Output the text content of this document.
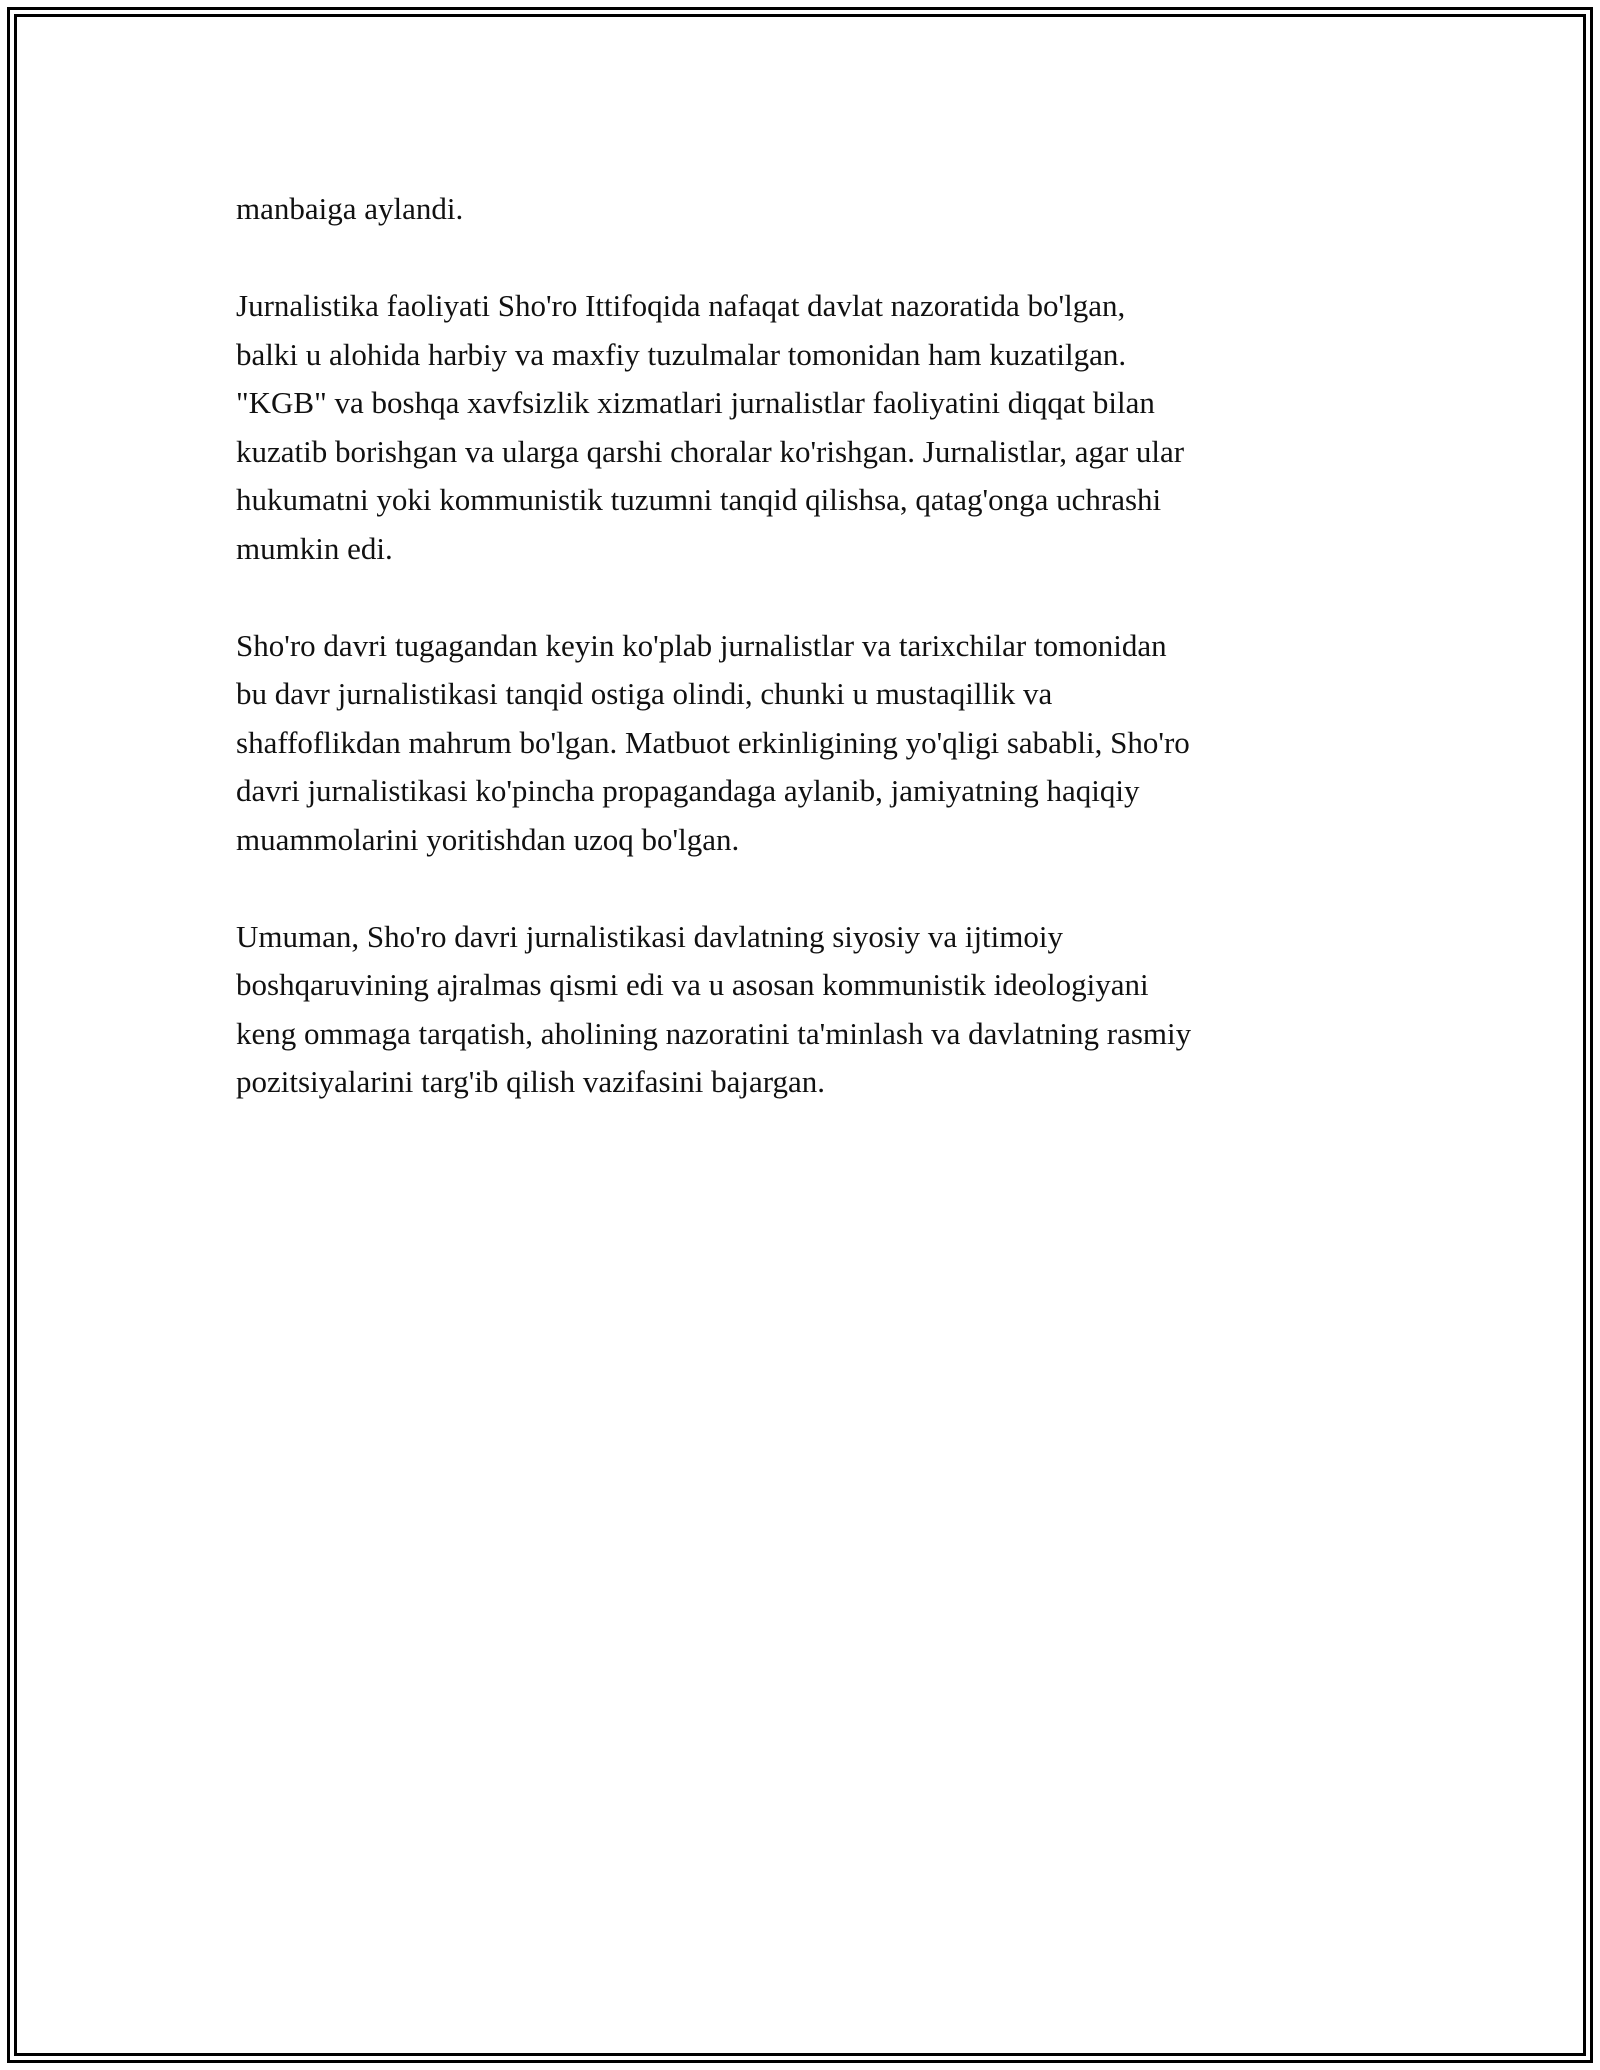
manbaiga aylandi.

Jurnalistika faoliyati Sho'ro Ittifoqida nafaqat davlat nazoratida bo'lgan,
balki u alohida harbiy va maxfiy tuzulmalar tomonidan ham kuzatilgan.
"KGB" va boshqa xavfsizlik xizmatlari jurnalistlar faoliyatini diqqat bilan
kuzatib borishgan va ularga qarshi choralar ko'rishgan. Jurnalistlar, agar ular
hukumatni yoki kommunistik tuzumni tanqid qilishsa, qatag'onga uchrashi
mumkin edi.

Sho'ro davri tugagandan keyin ko'plab jurnalistlar va tarixchilar tomonidan
bu davr jurnalistikasi tanqid ostiga olindi, chunki u mustaqillik va
shaffoflikdan mahrum bo'lgan. Matbuot erkinligining yo'qligi sababli, Sho'ro
davri jurnalistikasi ko'pincha propagandaga aylanib, jamiyatning haqiqiy
muammolarini yoritishdan uzoq bo'lgan.

Umuman, Sho'ro davri jurnalistikasi davlatning siyosiy va ijtimoiy
boshqaruvining ajralmas qismi edi va u asosan kommunistik ideologiyani
keng ommaga tarqatish, aholining nazoratini ta'minlash va davlatning rasmiy
pozitsiyalarini targ'ib qilish vazifasini bajargan.
